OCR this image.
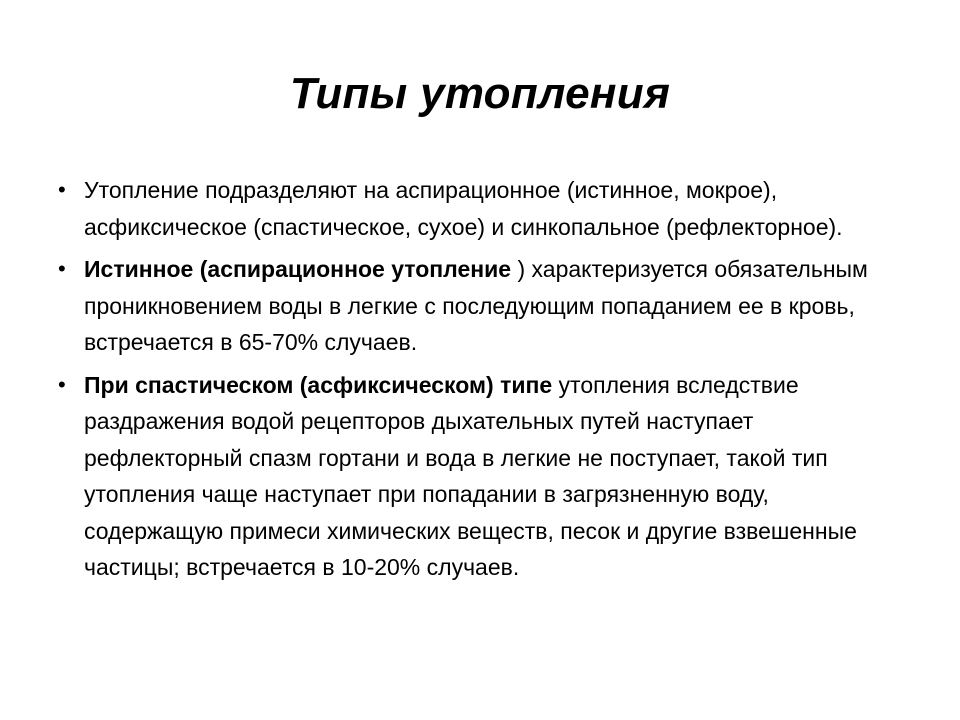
Типы утопления
• Утопление подразделяют на аспирационное (истинное, мокрое), асфиксическое (спастическое, сухое) и синкопальное (рефлекторное).
• Истинное (аспирационное утопление ) характеризуется обязательным проникновением воды в легкие с последующим попаданием ее в кровь, встречается в 65-70% случаев.
• При спастическом (асфиксическом) типе утопления вследствие раздражения водой рецепторов дыхательных путей наступает рефлекторный спазм гортани и вода в легкие не поступает, такой тип утопления чаще наступает при попадании в загрязненную воду, содержащую примеси химических веществ, песок и другие взвешенные частицы; встречается в 10-20% случаев.
